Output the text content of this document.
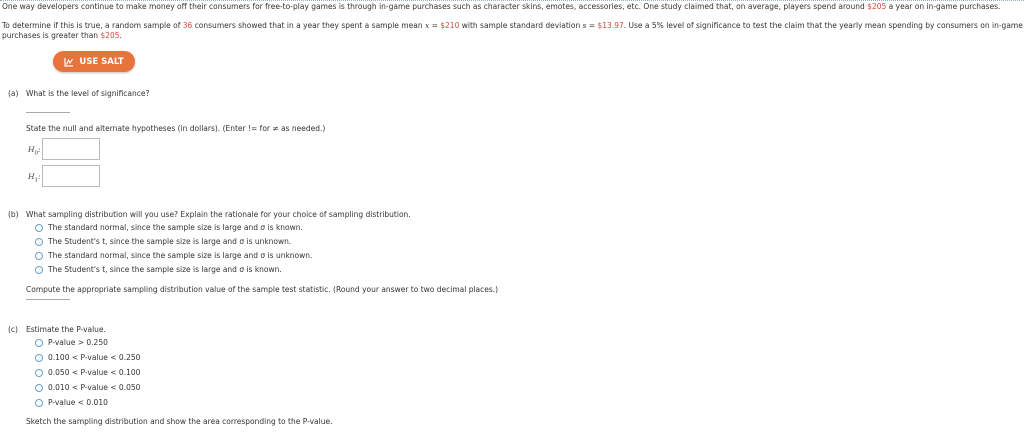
One way developers continue to make money off their consumers for free-to-play games is through in-game purchases such as character skins, emotes, accessories, etc. One study claimed that, on average, players spend around $205 a year on in-game purchases.
To determine if this is true, a random sample of 36 consumers showed that in a year they spent a sample mean x = $210 with sample standard deviation s = $13.97. Use a 5% level of significance to test the claim that the yearly mean spending by consumers on in-game
purchases is greater than $205.
USE SALT
(a) What is the level of significance?
State the null and alternate hypotheses (in dollars). (Enter != for ≠ as needed.)
$H_0$:
$H_1$:
(b) What sampling distribution will you use? Explain the rationale for your choice of sampling distribution.
The standard normal, since the sample size is large and σ is known.
The Student's t, since the sample size is large and σ is unknown.
The standard normal, since the sample size is large and σ is unknown.
The Student's t, since the sample size is large and σ is known.
Compute the appropriate sampling distribution value of the sample test statistic. (Round your answer to two decimal places.)
(c) Estimate the P-value.
P-value > 0.250
0.100 < P-value < 0.250
0.050 < P-value < 0.100
0.010 < P-value < 0.050
P-value < 0.010
Sketch the sampling distribution and show the area corresponding to the P-value.
